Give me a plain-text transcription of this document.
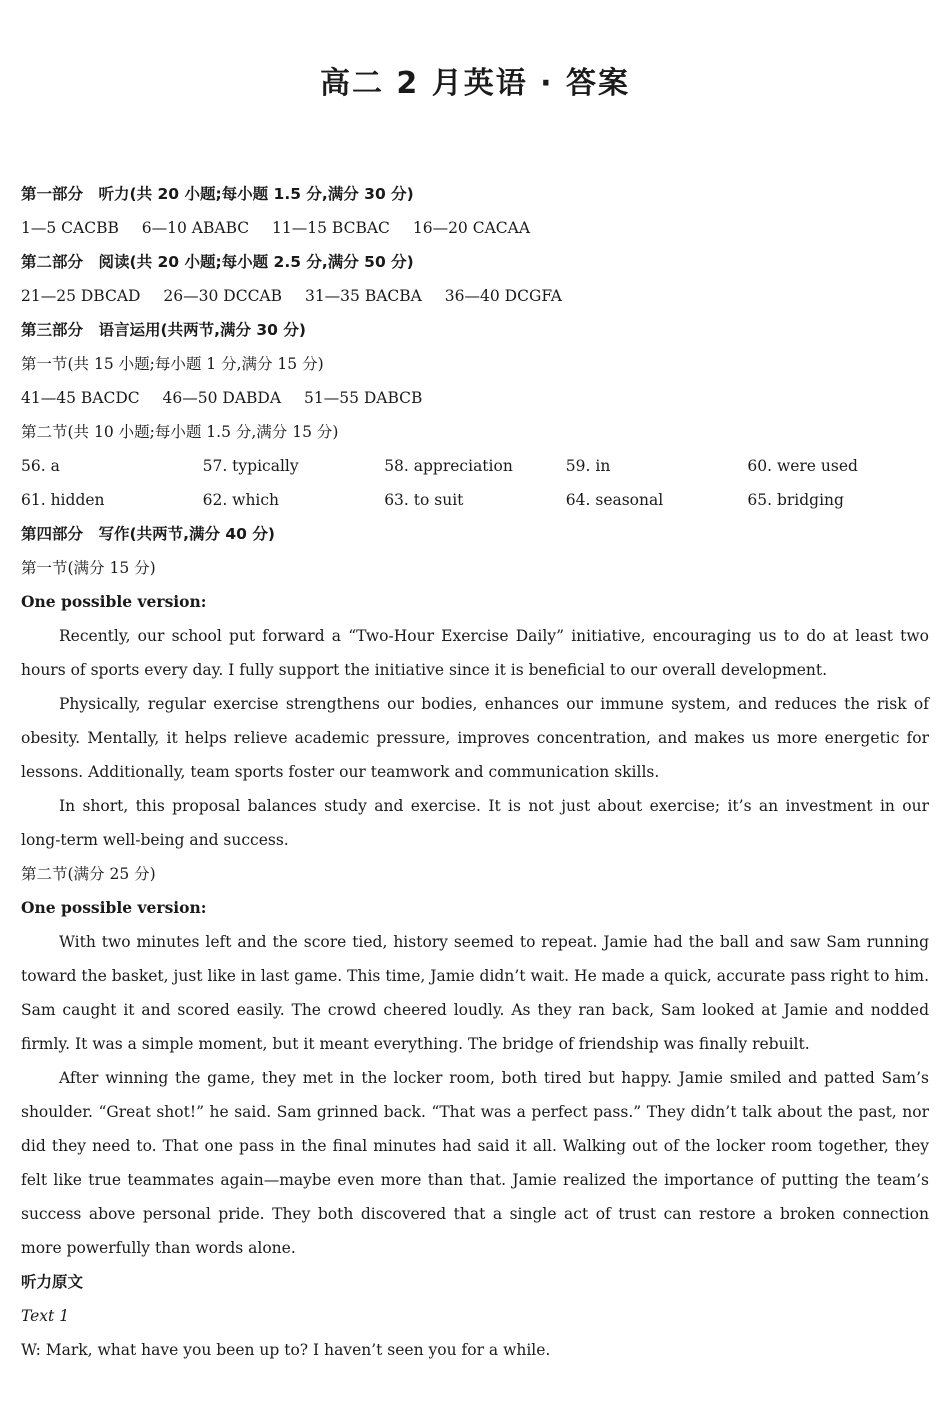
高二 2 月英语 · 答案
第一部分　听力(共 20 小题;每小题 1.5 分,满分 30 分)
1—5 CACBB 6—10 ABABC 11—15 BCBAC 16—20 CACAA
第二部分　阅读(共 20 小题;每小题 2.5 分,满分 50 分)
21—25 DBCAD 26—30 DCCAB 31—35 BACBA 36—40 DCGFA
第三部分　语言运用(共两节,满分 30 分)
第一节(共 15 小题;每小题 1 分,满分 15 分)
41—45 BACDC 46—50 DABDA 51—55 DABCB
第二节(共 10 小题;每小题 1.5 分,满分 15 分)
56. a	57. typically	58. appreciation	59. in	60. were used
61. hidden	62. which	63. to suit	64. seasonal	65. bridging
第四部分　写作(共两节,满分 40 分)
第一节(满分 15 分)
One possible version:
Recently, our school put forward a “Two-Hour Exercise Daily” initiative, encouraging us to do at least two hours of sports every day. I fully support the initiative since it is beneficial to our overall development.
Physically, regular exercise strengthens our bodies, enhances our immune system, and reduces the risk of obesity. Mentally, it helps relieve academic pressure, improves concentration, and makes us more energetic for lessons. Additionally, team sports foster our teamwork and communication skills.
In short, this proposal balances study and exercise. It is not just about exercise; it’s an investment in our long-term well-being and success.
第二节(满分 25 分)
One possible version:
With two minutes left and the score tied, history seemed to repeat. Jamie had the ball and saw Sam running toward the basket, just like in last game. This time, Jamie didn’t wait. He made a quick, accurate pass right to him. Sam caught it and scored easily. The crowd cheered loudly. As they ran back, Sam looked at Jamie and nodded firmly. It was a simple moment, but it meant everything. The bridge of friendship was finally rebuilt.
After winning the game, they met in the locker room, both tired but happy. Jamie smiled and patted Sam’s shoulder. “Great shot!” he said. Sam grinned back. “That was a perfect pass.” They didn’t talk about the past, nor did they need to. That one pass in the final minutes had said it all. Walking out of the locker room together, they felt like true teammates again—maybe even more than that. Jamie realized the importance of putting the team’s success above personal pride. They both discovered that a single act of trust can restore a broken connection more powerfully than words alone.
听力原文
Text 1
W: Mark, what have you been up to? I haven’t seen you for a while.
